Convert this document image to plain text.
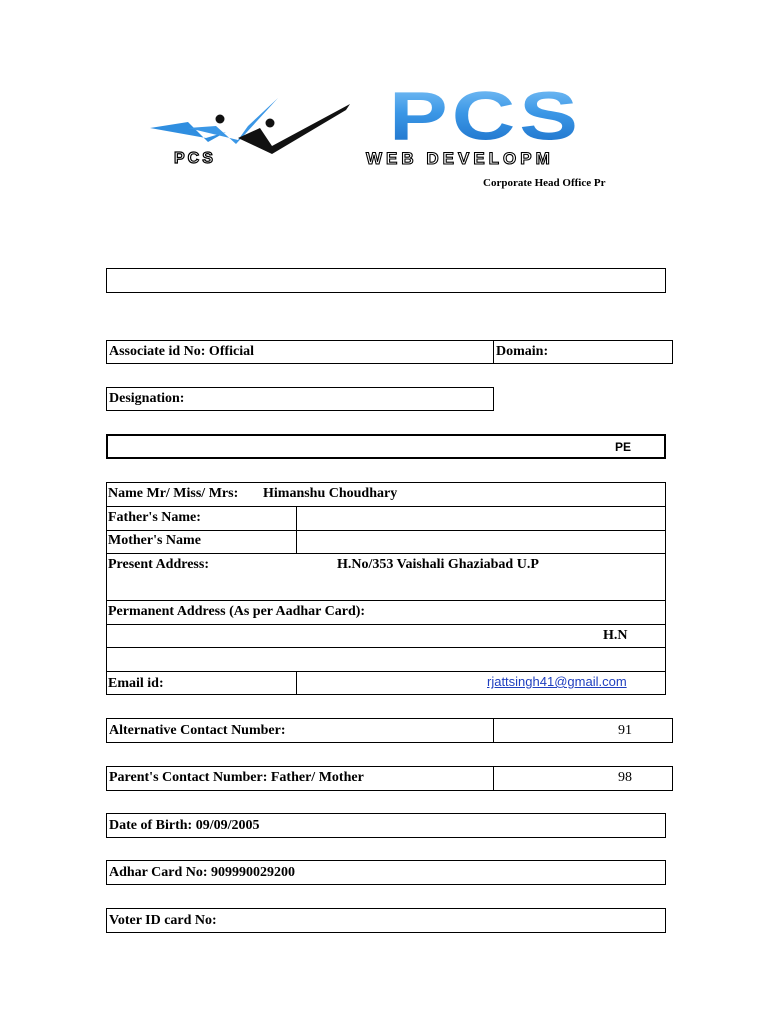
PCS
PCS
WEB DEVELOPM
Corporate Head Office Pr
Associate id No: Official	Domain:
Designation:
PE
Name Mr/ Miss/ Mrs: Himanshu Choudhary
Father's Name:
Mother's Name
Present Address:	H.No/353 Vaishali Ghaziabad U.P
Permanent Address (As per Aadhar Card):
H.N
Email id:	rjattsingh41@gmail.com
Alternative Contact Number:	91
Parent's Contact Number: Father/ Mother	98
Date of Birth: 09/09/2005
Adhar Card No: 909990029200
Voter ID card No:
